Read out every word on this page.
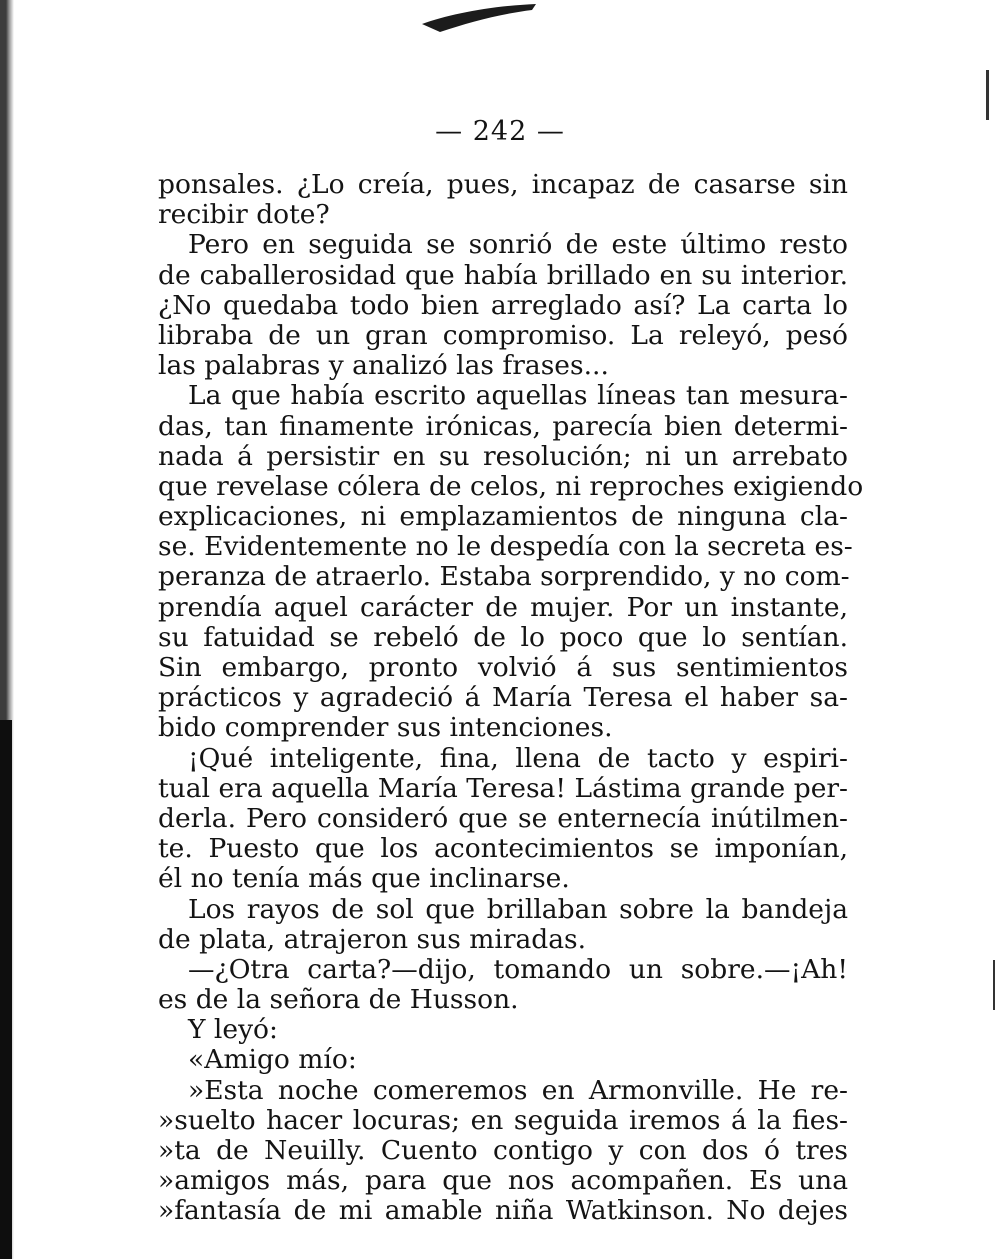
— 242 —
ponsales. ¿Lo creía, pues, incapaz de casarse sin
recibir dote?
Pero en seguida se sonrió de este último resto
de caballerosidad que había brillado en su interior.
¿No quedaba todo bien arreglado así? La carta lo
libraba de un gran compromiso. La releyó, pesó
las palabras y analizó las frases...
La que había escrito aquellas líneas tan mesura-
das, tan finamente irónicas, parecía bien determi-
nada á persistir en su resolución; ni un arrebato
que revelase cólera de celos, ni reproches exigiendo
explicaciones, ni emplazamientos de ninguna cla-
se. Evidentemente no le despedía con la secreta es-
peranza de atraerlo. Estaba sorprendido, y no com-
prendía aquel carácter de mujer. Por un instante,
su fatuidad se rebeló de lo poco que lo sentían.
Sin embargo, pronto volvió á sus sentimientos
prácticos y agradeció á María Teresa el haber sa-
bido comprender sus intenciones.
¡Qué inteligente, fina, llena de tacto y espiri-
tual era aquella María Teresa! Lástima grande per-
derla. Pero consideró que se enternecía inútilmen-
te. Puesto que los acontecimientos se imponían,
él no tenía más que inclinarse.
Los rayos de sol que brillaban sobre la bandeja
de plata, atrajeron sus miradas.
—¿Otra carta?—dijo, tomando un sobre.—¡Ah!
es de la señora de Husson.
Y leyó:
«Amigo mío:
»Esta noche comeremos en Armonville. He re-
»suelto hacer locuras; en seguida iremos á la fies-
»ta de Neuilly. Cuento contigo y con dos ó tres
»amigos más, para que nos acompañen. Es una
»fantasía de mi amable niña Watkinson. No dejes
